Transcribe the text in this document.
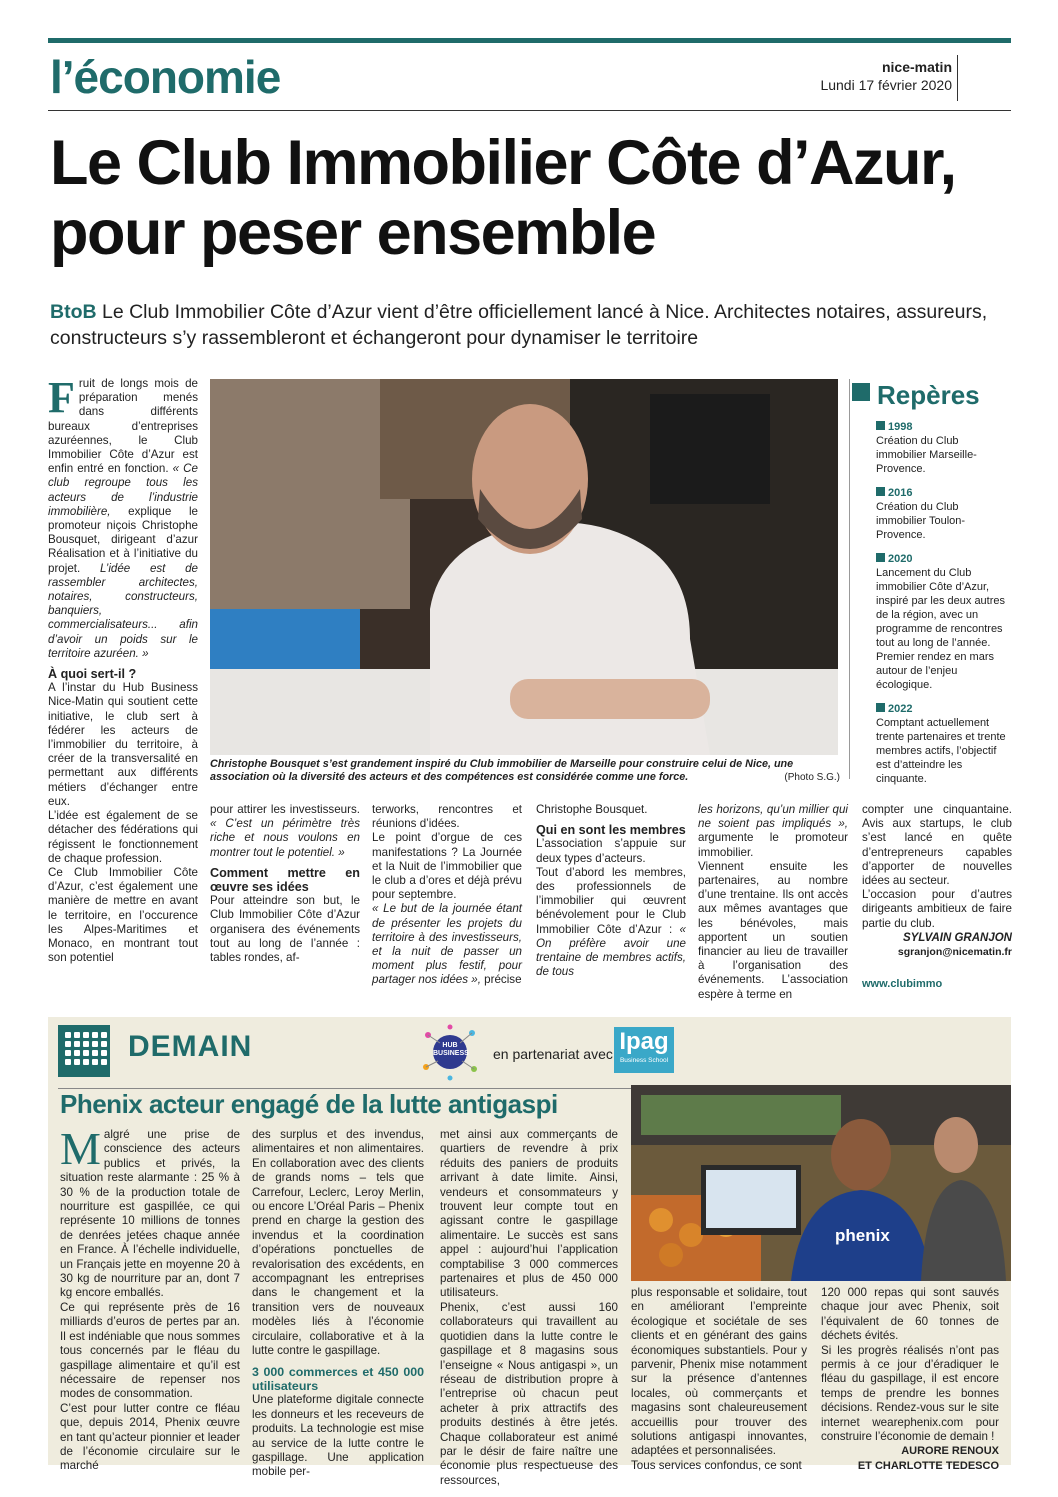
l’économie	nice-matin
Lundi 17 février 2020
Le Club Immobilier Côte d’Azur, pour peser ensemble
BtoB Le Club Immobilier Côte d’Azur vient d’être officiellement lancé à Nice. Architectes notaires, assureurs, constructeurs s’y rassembleront et échangeront pour dynamiser le territoire

Fruit de longs mois de préparation menés dans différents bureaux d’entreprises azuréennes, le Club Immobilier Côte d’Azur est enfin entré en fonction. « Ce club regroupe tous les acteurs de l’industrie immobilière, explique le promoteur niçois Christophe Bousquet, dirigeant d’azur Réalisation et à l’initiative du projet. L’idée est de rassembler architectes, notaires, constructeurs, banquiers, commercialisateurs... afin d’avoir un poids sur le territoire azuréen. »

À quoi sert-il ?

A l’instar du Hub Business Nice-Matin qui soutient cette initiative, le club sert à fédérer les acteurs de l’immobilier du territoire, à créer de la transversalité en permettant aux différents métiers d’échanger entre eux.

L’idée est également de se détacher des fédérations qui régissent le fonctionnement de chaque profession.

Ce Club Immobilier Côte d’Azur, c’est également une manière de mettre en avant le territoire, en l’occurence les Alpes-Maritimes et Monaco, en montrant tout son potentiel

Christophe Bousquet s’est grandement inspiré du Club immobilier de Marseille pour construire celui de Nice, une association où la diversité des acteurs et des compétences est considérée comme une force.	(Photo S.G.)

pour attirer les investisseurs. « C’est un périmètre très riche et nous voulons en montrer tout le potentiel. »

Comment mettre en œuvre ses idées

Pour atteindre son but, le Club Immobilier Côte d’Azur organisera des événements tout au long de l’année : tables rondes, af-

terworks, rencontres et réunions d’idées.

Le point d’orgue de ces manifestations ? La Journée et la Nuit de l’immobilier que le club a d’ores et déjà prévu pour septembre.

« Le but de la journée étant de présenter les projets du territoire à des investisseurs, et la nuit de passer un moment plus festif, pour partager nos idées », précise

Christophe Bousquet.

Qui en sont les membres

L’association s’appuie sur deux types d’acteurs.

Tout d’abord les membres, des professionnels de l’immobilier qui œuvrent bénévolement pour le Club Immobilier Côte d’Azur : « On préfère avoir une trentaine de membres actifs, de tous

les horizons, qu’un millier qui ne soient pas impliqués », argumente le promoteur immobilier.

Viennent ensuite les partenaires, au nombre d’une trentaine. Ils ont accès aux mêmes avantages que les bénévoles, mais apportent un soutien financier au lieu de travailler à l’organisation des événements. L’association espère à terme en

compter une cinquantaine. Avis aux startups, le club s’est lancé en quête d’entrepreneurs capables d’apporter de nouvelles idées au secteur.

L’occasion pour d’autres dirigeants ambitieux de faire partie du club.

SYLVAIN GRANJON
sgranjon@nicematin.fr
www.clubimmo
Repères
1998
Création du Club immobilier Marseille-Provence.
2016
Création du Club immobilier Toulon-Provence.
2020
Lancement du Club immobilier Côte d’Azur, inspiré par les deux autres de la région, avec un programme de rencontres tout au long de l’année. Premier rendez en mars autour de l’enjeu écologique.
2022
Comptant actuellement trente partenaires et trente membres actifs, l’objectif est d’atteindre les cinquante.
DEMAIN	HUB
BUSINESS en partenariat avec Ipag
Business School
Phenix acteur engagé de la lutte antigaspi
phenix

Malgré une prise de conscience des acteurs publics et privés, la situation reste alarmante : 25 % à 30 % de la production totale de nourriture est gaspillée, ce qui représente 10 millions de tonnes de denrées jetées chaque année en France. À l’échelle individuelle, un Français jette en moyenne 20 à 30 kg de nourriture par an, dont 7 kg encore emballés.

Ce qui représente près de 16 milliards d’euros de pertes par an. Il est indéniable que nous sommes tous concernés par le fléau du gaspillage alimentaire et qu’il est nécessaire de repenser nos modes de consommation.

C’est pour lutter contre ce fléau que, depuis 2014, Phenix œuvre en tant qu’acteur pionnier et leader de l’économie circulaire sur le marché

des surplus et des invendus, alimentaires et non alimentaires. En collaboration avec des clients de grands noms – tels que Carrefour, Leclerc, Leroy Merlin, ou encore L’Oréal Paris – Phenix prend en charge la gestion des invendus et la coordination d’opérations ponctuelles de revalorisation des excédents, en accompagnant les entreprises dans le changement et la transition vers de nouveaux modèles liés à l’économie circulaire, collaborative et à la lutte contre le gaspillage.

3 000 commerces et 450 000 utilisateurs

Une plateforme digitale connecte les donneurs et les receveurs de produits. La technologie est mise au service de la lutte contre le gaspillage. Une application mobile per-

met ainsi aux commerçants de quartiers de revendre à prix réduits des paniers de produits arrivant à date limite. Ainsi, vendeurs et consommateurs y trouvent leur compte tout en agissant contre le gaspillage alimentaire. Le succès est sans appel : aujourd’hui l’application comptabilise 3 000 commerces partenaires et plus de 450 000 utilisateurs.

Phenix, c’est aussi 160 collaborateurs qui travaillent au quotidien dans la lutte contre le gaspillage et 8 magasins sous l’enseigne « Nous antigaspi », un réseau de distribution propre à l’entreprise où chacun peut acheter à prix attractifs des produits destinés à être jetés. Chaque collaborateur est animé par le désir de faire naître une économie plus respectueuse des ressources,

plus responsable et solidaire, tout en améliorant l’empreinte écologique et sociétale de ses clients et en générant des gains économiques substantiels. Pour y parvenir, Phenix mise notamment sur la présence d’antennes locales, où commerçants et magasins sont chaleureusement accueillis pour trouver des solutions antigaspi innovantes, adaptées et personnalisées.

Tous services confondus, ce sont

120 000 repas qui sont sauvés chaque jour avec Phenix, soit l’équivalent de 60 tonnes de déchets évités.

Si les progrès réalisés n’ont pas permis à ce jour d’éradiquer le fléau du gaspillage, il est encore temps de prendre les bonnes décisions. Rendez-vous sur le site internet wearephenix.com pour construire l’économie de demain !

AURORE RENOUX
ET CHARLOTTE TEDESCO
